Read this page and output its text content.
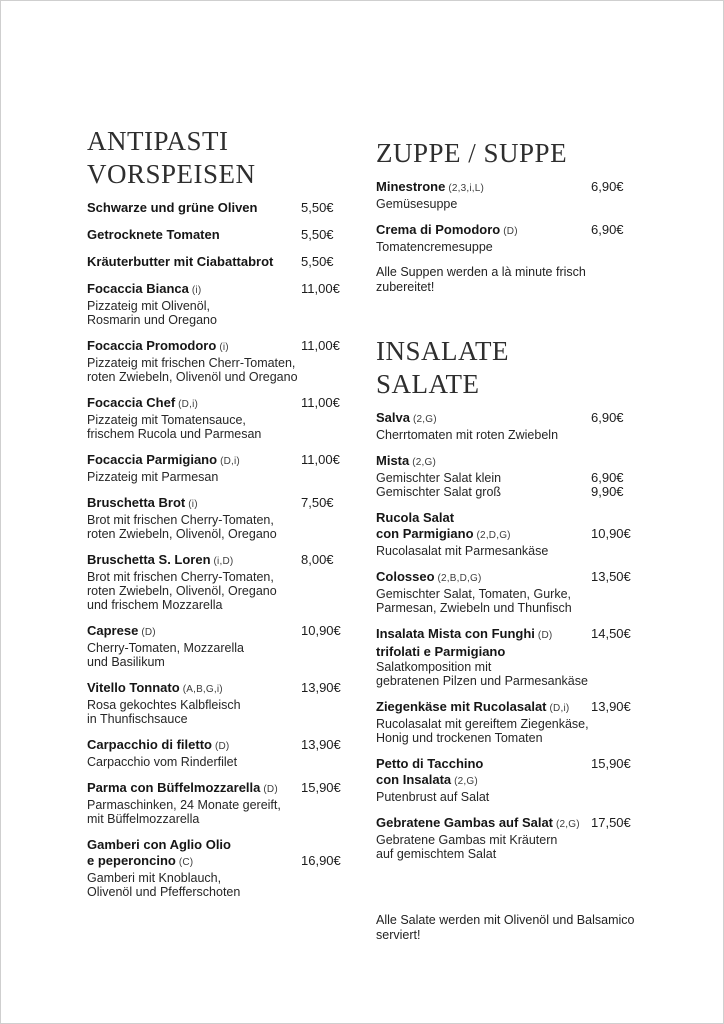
ANTIPASTI
VORSPEISEN
Schwarze und grüne Oliven	5,50€
Getrocknete Tomaten	5,50€
Kräuterbutter mit Ciabattabrot 5,50€
Focaccia Bianca (i)	11,00€
Pizzateig mit Olivenöl,
Rosmarin und Oregano
Focaccia Promodoro (i)	11,00€
Pizzateig mit frischen Cherr-Tomaten,
roten Zwiebeln, Olivenöl und Oregano
Focaccia Chef (D,i)	11,00€
Pizzateig mit Tomatensauce,
frischem Rucola und Parmesan
Focaccia Parmigiano (D,i)	11,00€
Pizzateig mit Parmesan
Bruschetta Brot (i)	7,50€
Brot mit frischen Cherry-Tomaten,
roten Zwiebeln, Olivenöl, Oregano
Bruschetta S. Loren (i,D)	8,00€
Brot mit frischen Cherry-Tomaten,
roten Zwiebeln, Olivenöl, Oregano
und frischem Mozzarella
Caprese (D)	10,90€
Cherry-Tomaten, Mozzarella
und Basilikum
Vitello Tonnato (A,B,G,i)	13,90€
Rosa gekochtes Kalbfleisch
in Thunfischsauce
Carpacchio di filetto (D)	13,90€
Carpacchio vom Rinderfilet
Parma con Büffelmozzarella (D) 15,90€
Parmaschinken, 24 Monate gereift,
mit Büffelmozzarella
Gamberi con Aglio Olio
e peperoncino (C)	16,90€
Gamberi mit Knoblauch,
Olivenöl und Pfefferschoten
ZUPPE / SUPPE
Minestrone (2,3,i,L)	6,90€
Gemüsesuppe
Crema di Pomodoro (D)	6,90€
Tomatencremesuppe
Alle Suppen werden a là minute frisch zubereitet!
INSALATE
SALATE
Salva (2,G)	6,90€
Cherrtomaten mit roten Zwiebeln
Mista (2,G)
Gemischter Salat klein	6,90€
Gemischter Salat groß	9,90€
Rucola Salat
con Parmigiano (2,D,G)	10,90€
Rucolasalat mit Parmesankäse
Colosseo (2,B,D,G)	13,50€
Gemischter Salat, Tomaten, Gurke,
Parmesan, Zwiebeln und Thunfisch
Insalata Mista con Funghi (D)	14,50€
trifolati e Parmigiano
Salatkomposition mit
gebratenen Pilzen und Parmesankäse
Ziegenkäse mit Rucolasalat (D,i) 13,90€
Rucolasalat mit gereiftem Ziegenkäse,
Honig und trockenen Tomaten
Petto di Tacchino	15,90€
con Insalata (2,G)
Putenbrust auf Salat
Gebratene Gambas auf Salat (2,G) 17,50€
Gebratene Gambas mit Kräutern
auf gemischtem Salat
Alle Salate werden mit Olivenöl und Balsamico serviert!
